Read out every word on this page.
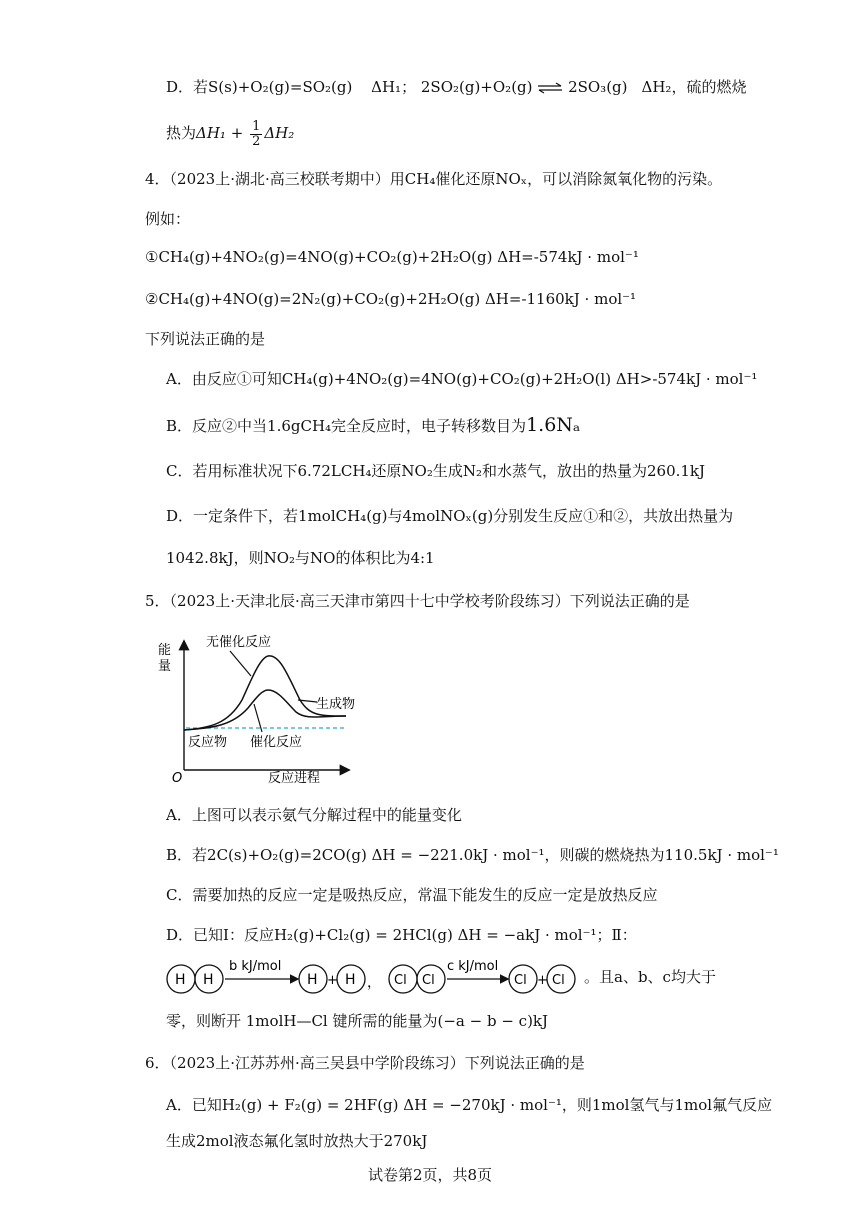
D．若S(s)+O₂(g)=SO₂(g) ΔH₁； 2SO₂(g)+O₂(g) ⇌ 2SO₃(g) ΔH₂，硫的燃烧
热为$\Delta H_1 + \frac{1}{2} \Delta H_2$
4．（2023上·湖北·高三校联考期中）用CH₄催化还原NOₓ，可以消除氮氧化物的污染。
例如：
①CH₄(g)+4NO₂(g)=4NO(g)+CO₂(g)+2H₂O(g) ΔH=-574kJ · mol⁻¹
②CH₄(g)+4NO(g)=2N₂(g)+CO₂(g)+2H₂O(g) ΔH=-1160kJ · mol⁻¹
下列说法正确的是
A．由反应①可知CH₄(g)+4NO₂(g)=4NO(g)+CO₂(g)+2H₂O(l) ΔH>-574kJ · mol⁻¹
B．反应②中当1.6gCH₄完全反应时，电子转移数目为1.6Nₐ
C．若用标准状况下6.72LCH₄还原NO₂生成N₂和水蒸气，放出的热量为260.1kJ
D．一定条件下，若1molCH₄(g)与4molNOₓ(g)分别发生反应①和②，共放出热量为
1042.8kJ，则NO₂与NO的体积比为4:1
5．（2023上·天津北辰·高三天津市第四十七中学校考阶段练习）下列说法正确的是
能
量
O	反应进程
无催化反应
生成物
反应物 催化反应
A．上图可以表示氨气分解过程中的能量变化
B．若2C(s)+O₂(g)=2CO(g) ΔH = −221.0kJ · mol⁻¹，则碳的燃烧热为110.5kJ · mol⁻¹
C．需要加热的反应一定是吸热反应，常温下能发生的反应一定是放热反应
D．已知Ⅰ：反应H₂(g)+Cl₂(g) = 2HCl(g) ΔH = −akJ · mol⁻¹；Ⅱ：
H H
b kJ/mol
H + H ， Cl Cl
c kJ/mol
Cl + Cl 。且a、b、c均大于
零，则断开 1molH—Cl 键所需的能量为(−a − b − c)kJ
6．（2023上·江苏苏州·高三吴县中学阶段练习）下列说法正确的是
A．已知H₂(g) + F₂(g) = 2HF(g) ΔH = −270kJ · mol⁻¹，则1mol氢气与1mol氟气反应
生成2mol液态氟化氢时放热大于270kJ
试卷第2页，共8页
